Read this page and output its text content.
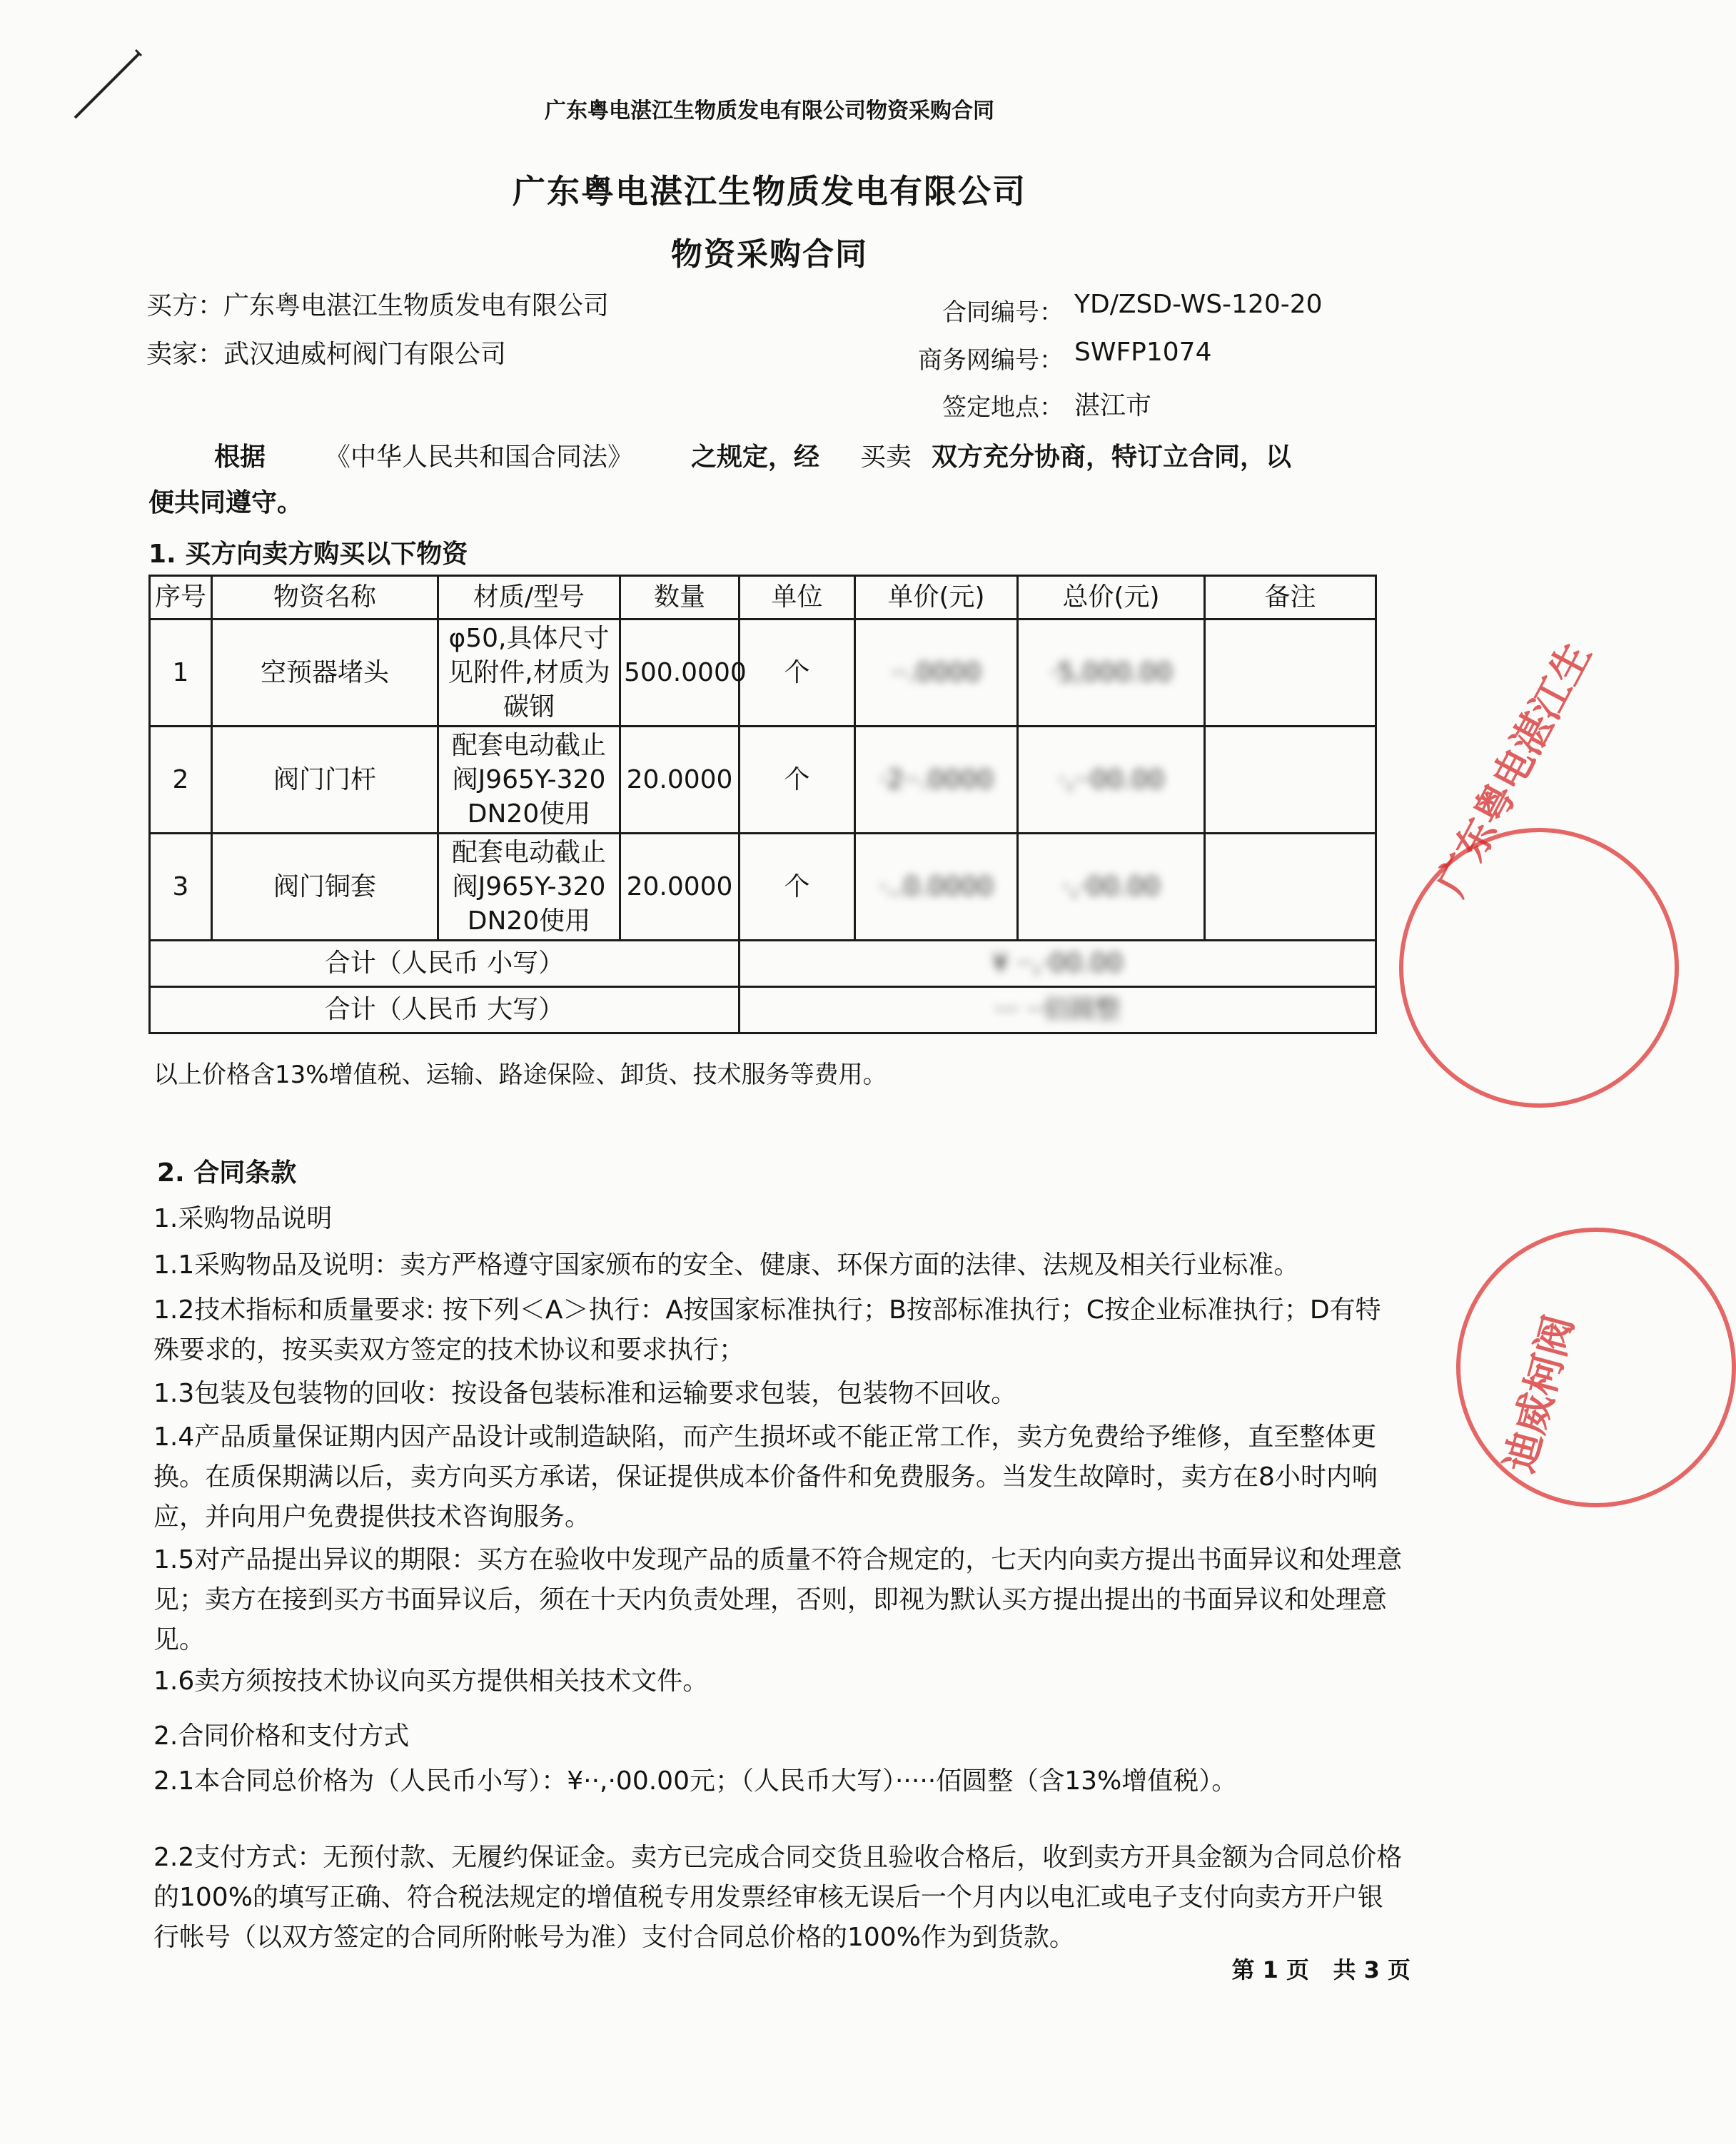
广东粤电湛江生物质发电有限公司物资采购合同
广东粤电湛江生物质发电有限公司
物资采购合同
买方：广东粤电湛江生物质发电有限公司
卖家：武汉迪威柯阀门有限公司
合同编号： YD/ZSD-WS-120-20
商务网编号： SWFP1074
签定地点： 湛江市
根据 《中华人民共和国合同法》 之规定，经 买卖 双方充分协商，特订立合同，以
便共同遵守。
1. 买方向卖方购买以下物资
序号	物资名称	材质/型号	数量	单位	单价(元)	总价(元)	备注
1	空预器堵头	φ50,具体尺寸见附件,材质为碳钢	500.0000	个	··.0000	·5,000.00	
2	阀门门杆	配套电动截止阀J965Y-320 DN20使用	20.0000	个	·2··.0000	·,··00.00	
3	阀门铜套	配套电动截止阀J965Y-320 DN20使用	20.0000	个	·..0.0000	·,·00.00	
合计（人民币 小写）				¥ ··,·00.00			
合计（人民币 大写）				··· ··佰圆整			
以上价格含13%增值税、运输、路途保险、卸货、技术服务等费用。
2. 合同条款
1.采购物品说明
1.1采购物品及说明：卖方严格遵守国家颁布的安全、健康、环保方面的法律、法规及相关行业标准。
1.2技术指标和质量要求: 按下列＜A＞执行：A按国家标准执行；B按部标准执行；C按企业标准执行；D有特殊要求的，按买卖双方签定的技术协议和要求执行；
1.3包装及包装物的回收：按设备包装标准和运输要求包装，包装物不回收。
1.4产品质量保证期内因产品设计或制造缺陷，而产生损坏或不能正常工作，卖方免费给予维修，直至整体更换。在质保期满以后，卖方向买方承诺，保证提供成本价备件和免费服务。当发生故障时，卖方在8小时内响应，并向用户免费提供技术咨询服务。
1.5对产品提出异议的期限：买方在验收中发现产品的质量不符合规定的，七天内向卖方提出书面异议和处理意见；卖方在接到买方书面异议后，须在十天内负责处理，否则，即视为默认买方提出提出的书面异议和处理意见。
1.6卖方须按技术协议向买方提供相关技术文件。
2.合同价格和支付方式
2.1本合同总价格为（人民币小写）：¥··,·00.00元；（人民币大写）·····佰圆整（含13%增值税）。
2.2支付方式：无预付款、无履约保证金。卖方已完成合同交货且验收合格后，收到卖方开具金额为合同总价格的100%的填写正确、符合税法规定的增值税专用发票经审核无误后一个月内以电汇或电子支付向卖方开户银行帐号（以双方签定的合同所附帐号为准）支付合同总价格的100%作为到货款。
第 1 页 共 3 页
广东粤电湛江生
迪威柯阀
